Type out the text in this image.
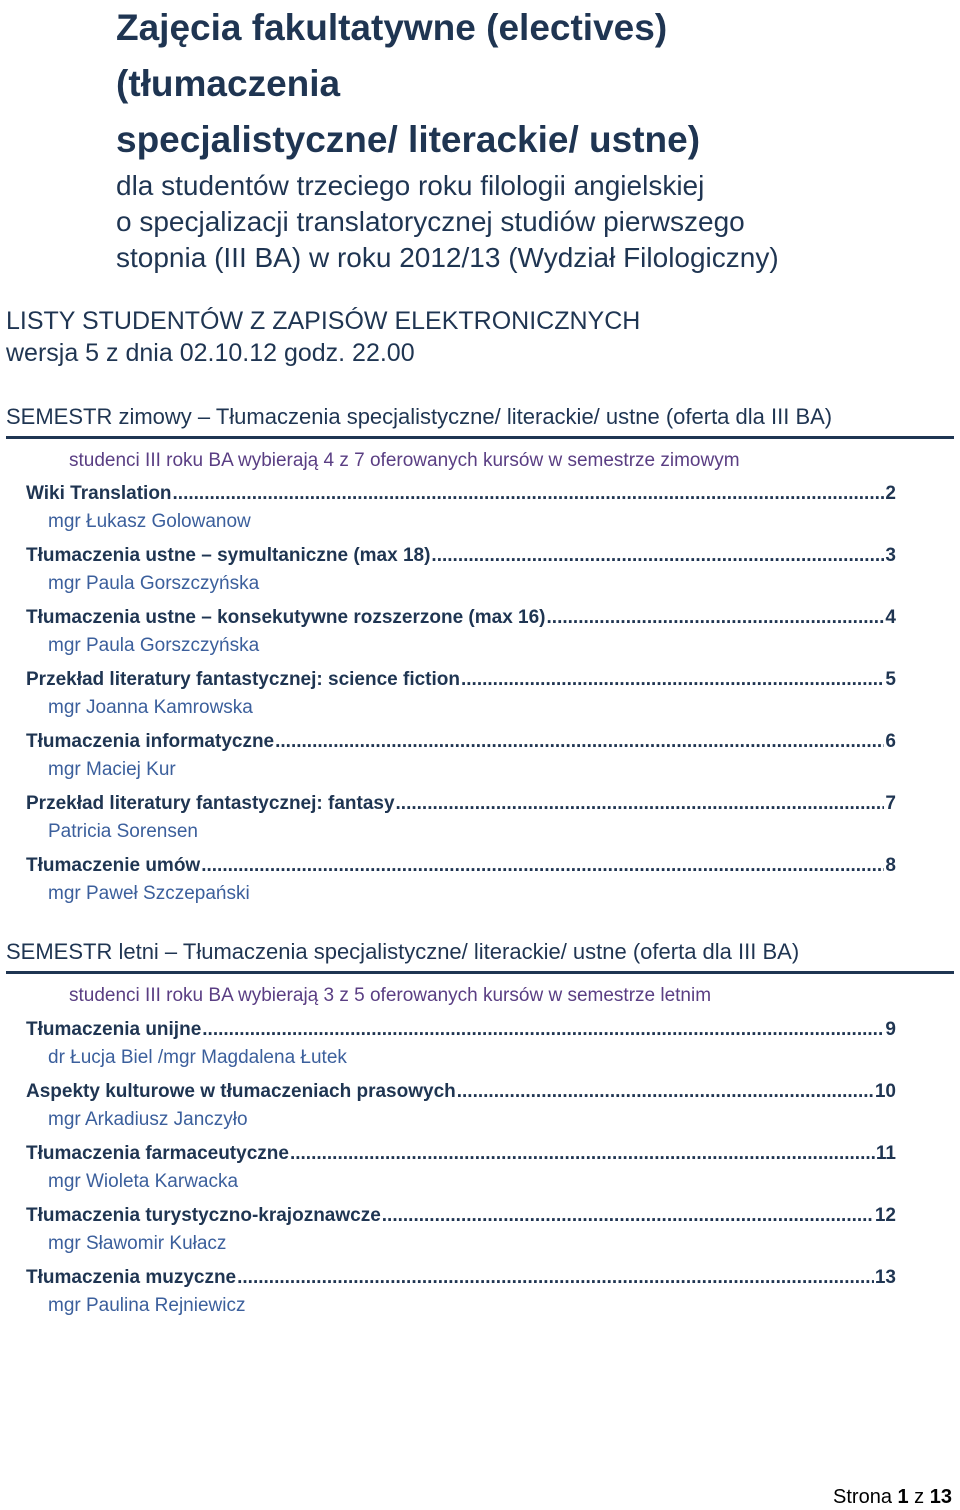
Zajęcia fakultatywne (electives)
(tłumaczenia
specjalistyczne/ literackie/ ustne)
dla studentów trzeciego roku filologii angielskiej
o specjalizacji translatorycznej studiów pierwszego
stopnia (III BA) w roku 2012/13 (Wydział Filologiczny)
LISTY STUDENTÓW Z ZAPISÓW ELEKTRONICZNYCH
wersja 5 z dnia 02.10.12 godz. 22.00
SEMESTR zimowy – Tłumaczenia specjalistyczne/ literackie/ ustne (oferta dla III BA)
studenci III roku BA wybierają 4 z 7 oferowanych kursów w semestrze zimowym
Wiki Translation .....	2
mgr Łukasz Golowanow
Tłumaczenia ustne – symultaniczne (max 18) .....	3
mgr Paula Gorszczyńska
Tłumaczenia ustne – konsekutywne rozszerzone (max 16) .....	4
mgr Paula Gorszczyńska
Przekład literatury fantastycznej: science fiction .....	5
mgr Joanna Kamrowska
Tłumaczenia informatyczne .....	6
mgr Maciej Kur
Przekład literatury fantastycznej: fantasy .....	7
Patricia Sorensen
Tłumaczenie umów .....	8
mgr Paweł Szczepański
SEMESTR letni – Tłumaczenia specjalistyczne/ literackie/ ustne (oferta dla III BA)
studenci III roku BA wybierają 3 z 5 oferowanych kursów w semestrze letnim
Tłumaczenia unijne .....	9
dr Łucja Biel /mgr Magdalena Łutek
Aspekty kulturowe w tłumaczeniach prasowych .....	10
mgr Arkadiusz Janczyło
Tłumaczenia farmaceutyczne .....	11
mgr Wioleta Karwacka
Tłumaczenia turystyczno-krajoznawcze .....	12
mgr Sławomir Kułacz
Tłumaczenia muzyczne .....	13
mgr Paulina Rejniewicz
Strona 1 z 13
